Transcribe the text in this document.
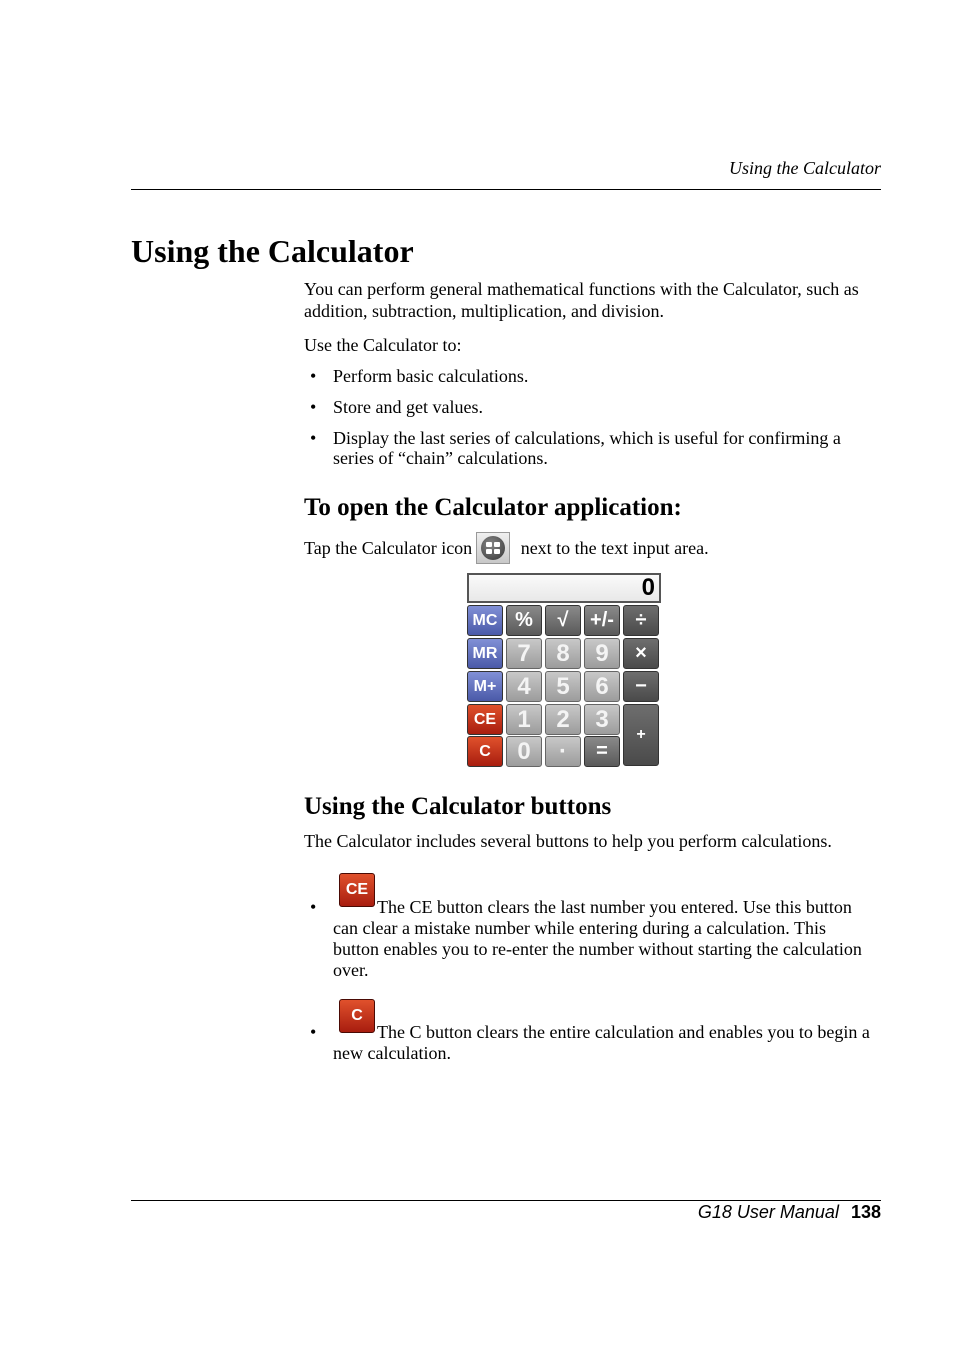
Using the Calculator
Using the Calculator
You can perform general mathematical functions with the Calculator, such as addition, subtraction, multiplication, and division.
Use the Calculator to:
• Perform basic calculations.
• Store and get values.
• Display the last series of calculations, which is useful for confirming a series of “chain” calculations.
To open the Calculator application:
Tap the Calculator icon	next to the text input area.
0
MC %	√	+/-	÷
MR 7	8	9	×
M+ 4	5	6	−
CE 1	2	3
+
C	0	·	=
Using the Calculator buttons
The Calculator includes several buttons to help you perform calculations.
•
CE
The CE button clears the last number you entered. Use this button can clear a mistake number while entering during a calculation. This button enables you to re-enter the number without starting the calculation over.
•
C
The C button clears the entire calculation and enables you to begin a new calculation.
G18 User Manual 138
